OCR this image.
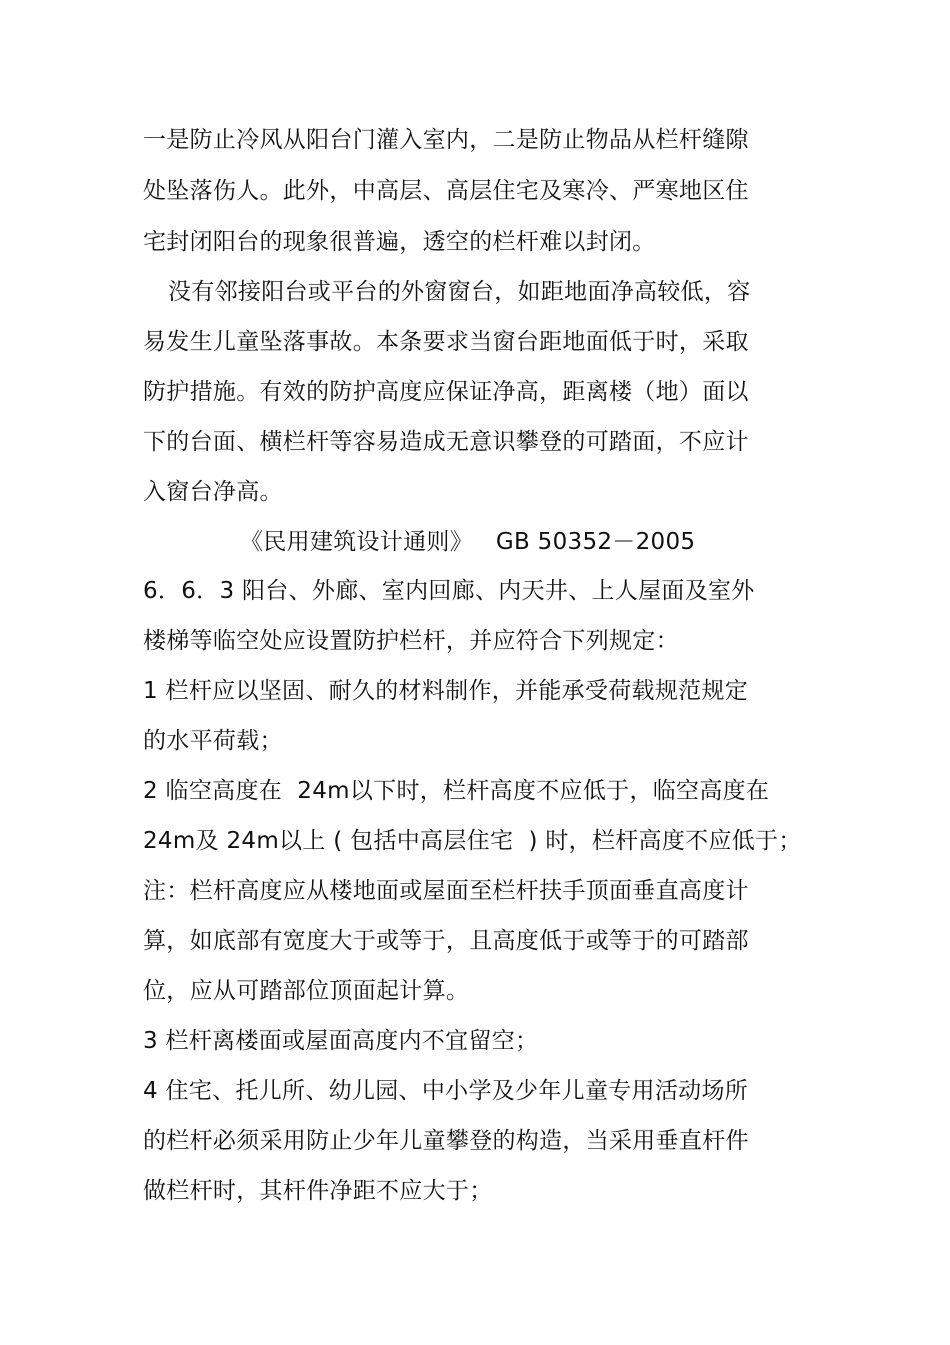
一是防止冷风从阳台门灌入室内，二是防止物品从栏杆缝隙
处坠落伤人。此外，中高层、高层住宅及寒冷、严寒地区住
宅封闭阳台的现象很普遍，透空的栏杆难以封闭。
没有邻接阳台或平台的外窗窗台，如距地面净高较低，容
易发生儿童坠落事故。本条要求当窗台距地面低于时，采取
防护措施。有效的防护高度应保证净高，距离楼（地）面以
下的台面、横栏杆等容易造成无意识攀登的可踏面，不应计
入窗台净高。
《民用建筑设计通则》   GB 50352－2005
6．6．3 阳台、外廊、室内回廊、内天井、上人屋面及室外
楼梯等临空处应设置防护栏杆，并应符合下列规定：
1 栏杆应以坚固、耐久的材料制作，并能承受荷载规范规定
的水平荷载；
2 临空高度在  24m以下时，栏杆高度不应低于，临空高度在
24m及 24m以上 ( 包括中高层住宅  ) 时，栏杆高度不应低于；
注：栏杆高度应从楼地面或屋面至栏杆扶手顶面垂直高度计
算，如底部有宽度大于或等于，且高度低于或等于的可踏部
位，应从可踏部位顶面起计算。
3 栏杆离楼面或屋面高度内不宜留空；
4 住宅、托儿所、幼儿园、中小学及少年儿童专用活动场所
的栏杆必须采用防止少年儿童攀登的构造，当采用垂直杆件
做栏杆时，其杆件净距不应大于；
